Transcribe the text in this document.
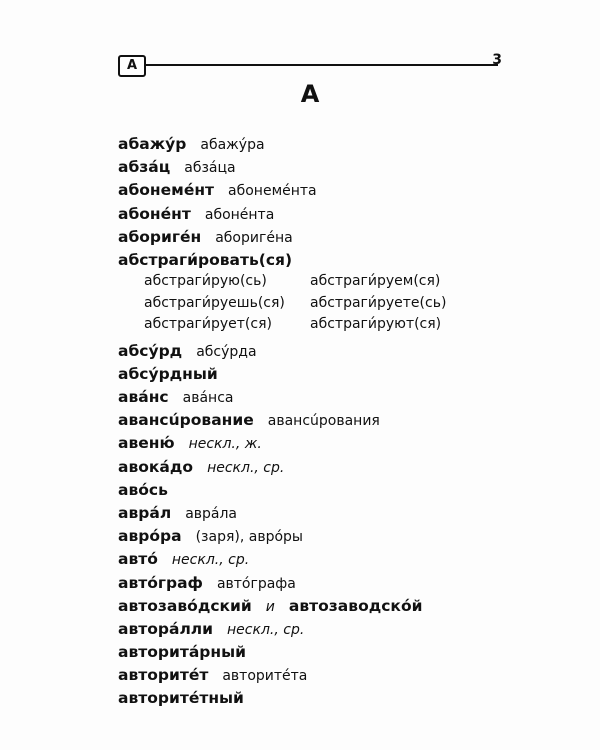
А	3
А
абажу́р абажу́ра
абза́ц абза́ца
абонеме́нт абонеме́нта
абоне́нт абоне́нта
абориге́н абориге́на
абстраги́ровать(ся)
абстраги́рую(сь)	абстраги́руем(ся)
абстраги́руешь(ся)	абстраги́руете(сь)
абстраги́рует(ся)	абстраги́руют(ся)
абсу́рд абсу́рда
абсу́рдный
ава́нс ава́нса
авансúрование авансúрования
авеню́ нескл., ж.
авока́до нескл., ср.
аво́сь
авра́л авра́ла
авро́ра (заря), авро́ры
авто́ нескл., ср.
авто́граф авто́графа
автозаво́дский и автозаводско́й
автора́лли нескл., ср.
авторита́рный
авторите́т авторите́та
авторите́тный
